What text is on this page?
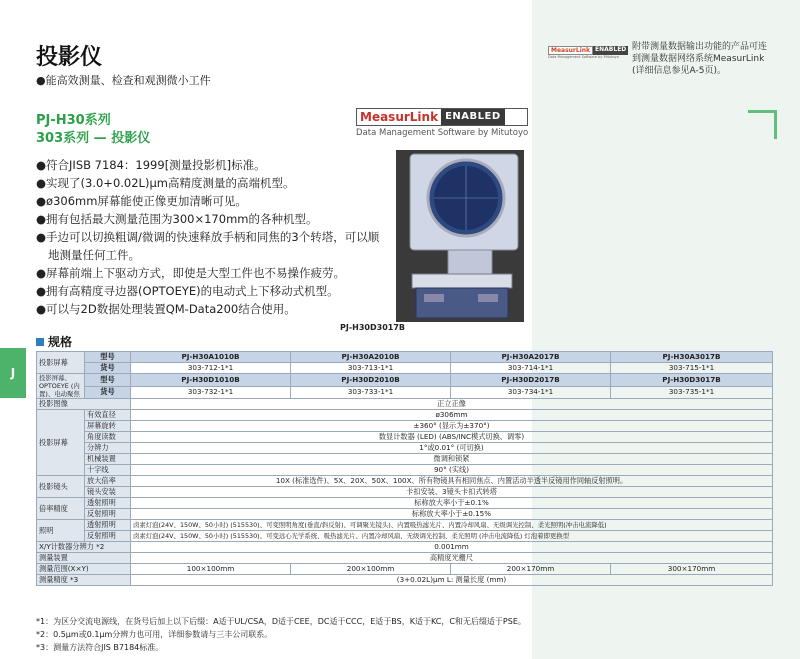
MeasurLink ENABLED
Data Management Software by Mitutoyo
附带测量数据输出功能的产品可连
到测量数据网络系统MeasurLink
(详细信息参见A-5页)。
投影仪
●能高效测量、检查和观测微小工件
PJ-H30系列
303系列 — 投影仪
MeasurLink ENABLED
Data Management Software by Mitutoyo
●符合JISB 7184：1999[测量投影机]标准。
●实现了(3.0+0.02L)μm高精度测量的高端机型。
●ø306mm屏幕能使正像更加清晰可见。
●拥有包括最大测量范围为300×170mm的各种机型。
●手边可以切换粗调/微调的快速释放手柄和同焦的3个转塔，可以顺
地测量任何工件。
●屏幕前端上下驱动方式，即使是大型工件也不易操作疲劳。
●拥有高精度寻边器(OPTOEYE)的电动式上下移动式机型。
●可以与2D数据处理装置QM-Data200结合使用。
PJ-H30D3017B
J
规格
投影屏幕	型号	PJ-H30A1010B	PJ-H30A2010B	PJ-H30A2017B	PJ-H30A3017B
	货号	303-712-1*1	303-713-1*1	303-714-1*1	303-715-1*1
投影屏幕、OPTOEYE (内置)、电动聚焦	型号	PJ-H30D1010B	PJ-H30D2010B	PJ-H30D2017B	PJ-H30D3017B
	货号	303-732-1*1	303-733-1*1	303-734-1*1	303-735-1*1
投影图像		正立正像			
投影屏幕	有效直径	ø306mm			
	屏幕旋转	±360° (显示为±370°)			
	角度读数	数显计数器 (LED) (ABS/INC模式切换、调零)			
	分辨力	1°或0.01° (可切换)			
	机械装置	微调和锁紧			
	十字线	90° (实线)			
投影镜头	放大倍率	10X (标准选件)、5X、20X、50X、100X、所有物镜具有相同焦点、内置活动半透半反镜用作同轴反射照明。			
	镜头安装	卡扣安装、3镜头卡扣式转塔			
倍率精度	透射照明	标称放大率小于±0.1%			
	反射照明	标称放大率小于±0.15%			
照明	透射照明	卤素灯泡(24V、150W、50小时) (515530)、可变照明角度(垂直/斜反射)、可调聚光镜头)、内置吸热滤光片、内置冷却风扇、无级调光控制、柔光照明(冲击电流降低)			
	反射照明	卤素灯泡(24V、150W、50小时) (515530)、可变远心光学系统、吸热滤光片、内置冷却风扇、无级调光控制、柔光照明 (冲击电流降低) 灯泡着即更换型			
X/Y计数器分辨力 *2		0.001mm			
测量装置		高精度光栅尺			
测量范围(X×Y)		100×100mm	200×100mm	200×170mm	300×170mm
测量精度 *3		(3+0.02L)μm L: 测量长度 (mm)			
*1：为区分交流电源线，在货号后加上以下后缀：A适于UL/CSA，D适于CEE，DC适于CCC，E适于BS，K适于KC，C和无后缀适于PSE。
*2：0.5μm或0.1μm分辨力也可用，详细参数请与三丰公司联系。
*3：测量方法符合JIS B7184标准。
